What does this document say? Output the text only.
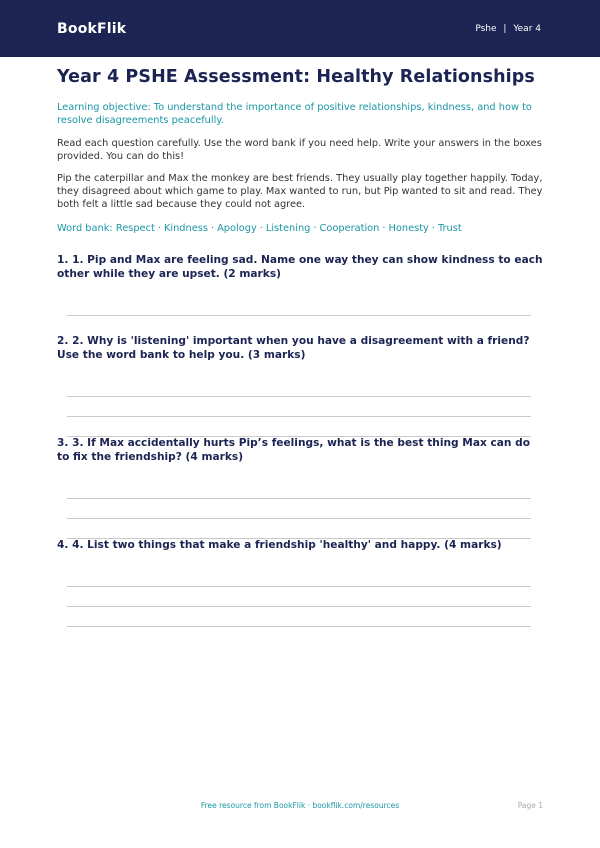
BookFlik	Pshe | Year 4
Year 4 PSHE Assessment: Healthy Relationships

Learning objective: To understand the importance of positive relationships, kindness, and how to resolve disagreements peacefully.

Read each question carefully. Use the word bank if you need help. Write your answers in the boxes provided. You can do this!

Pip the caterpillar and Max the monkey are best friends. They usually play together happily. Today, they disagreed about which game to play. Max wanted to run, but Pip wanted to sit and read. They both felt a little sad because they could not agree.

Word bank: Respect · Kindness · Apology · Listening · Cooperation · Honesty · Trust

1. 1. Pip and Max are feeling sad. Name one way they can show kindness to each other while they are upset. (2 marks)

2. 2. Why is 'listening' important when you have a disagreement with a friend? Use the word bank to help you. (3 marks)

3. 3. If Max accidentally hurts Pip’s feelings, what is the best thing Max can do to fix the friendship? (4 marks)

4. 4. List two things that make a friendship 'healthy' and happy. (4 marks)

Free resource from BookFlik · bookflik.com/resources	Page 1
